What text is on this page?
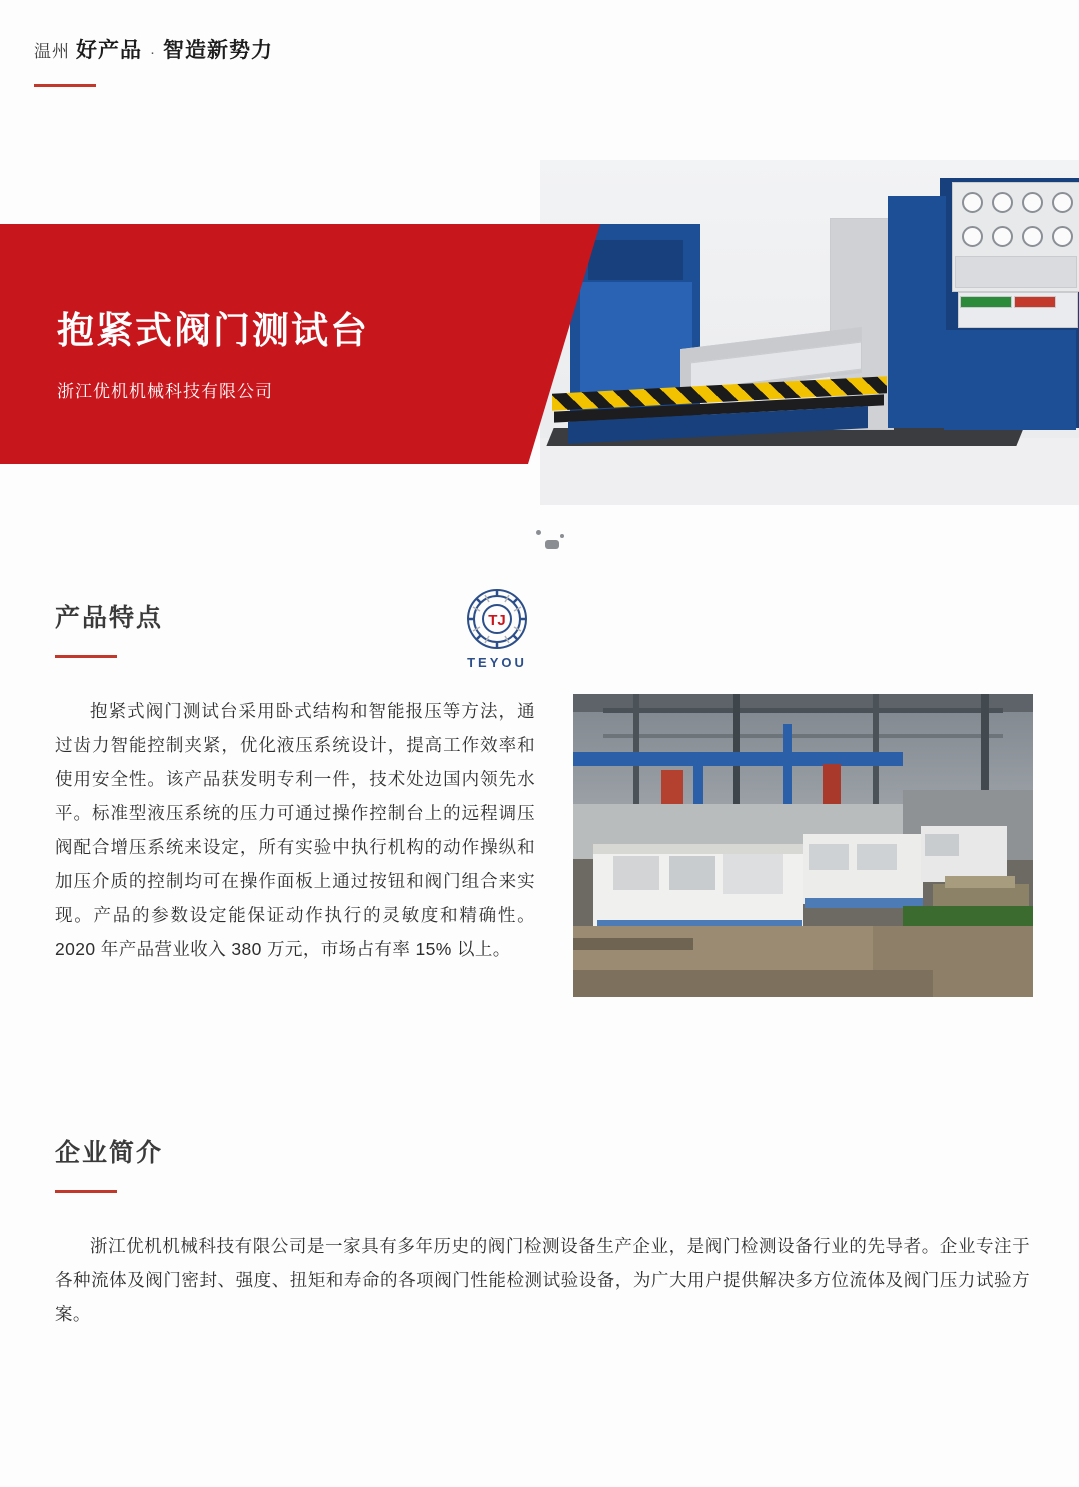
温州 好产品 · 智造新势力
抱紧式阀门测试台
浙江优机机械科技有限公司
产品特点	TJ
TEYOU
抱紧式阀门测试台采用卧式结构和智能报压等方法，通过齿力智能控制夹紧，优化液压系统设计，提高工作效率和使用安全性。该产品获发明专利一件，技术处边国内领先水平。标准型液压系统的压力可通过操作控制台上的远程调压阀配合增压系统来设定，所有实验中执行机构的动作操纵和加压介质的控制均可在操作面板上通过按钮和阀门组合来实现。产品的参数设定能保证动作执行的灵敏度和精确性。2020 年产品营业收入 380 万元，市场占有率 15% 以上。
企业简介
浙江优机机械科技有限公司是一家具有多年历史的阀门检测设备生产企业，是阀门检测设备行业的先导者。企业专注于各种流体及阀门密封、强度、扭矩和寿命的各项阀门性能检测试验设备，为广大用户提供解决多方位流体及阀门压力试验方案。
